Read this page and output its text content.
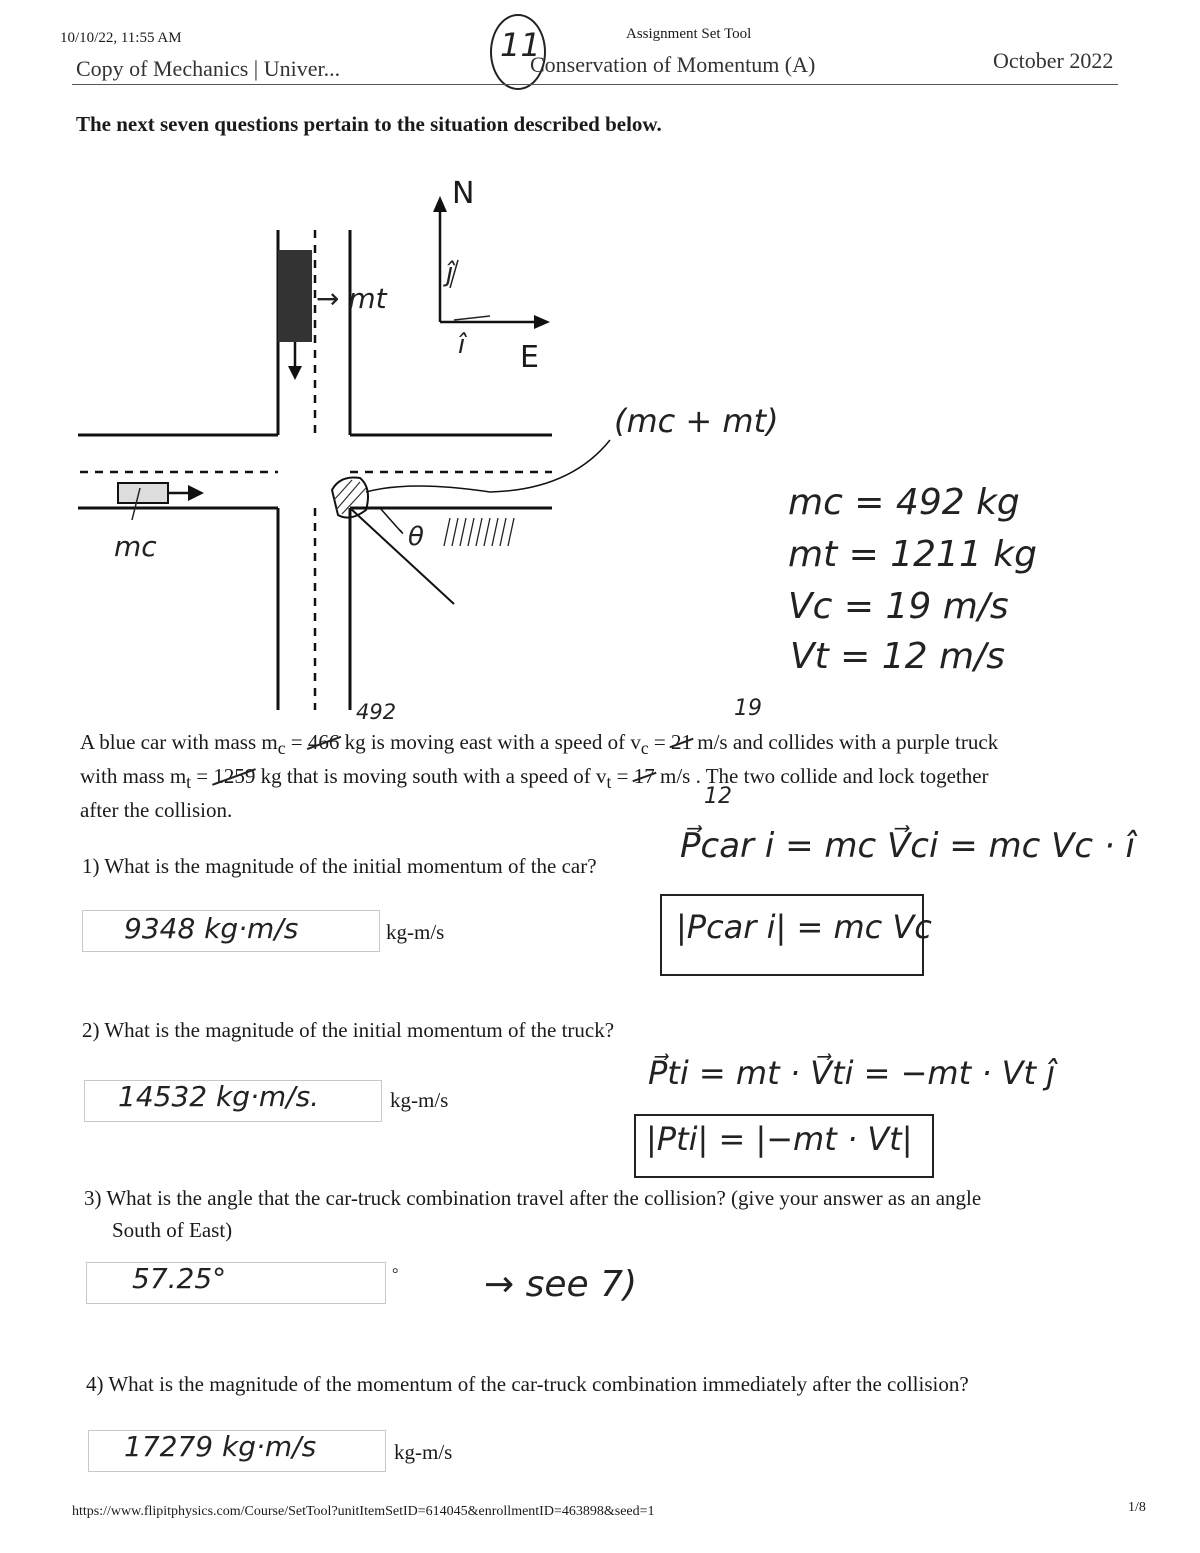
10/10/22, 11:55 AM	Assignment Set Tool
Copy of Mechanics | Univer...
11
Conservation of Momentum (A)	October 2022
The next seven questions pertain to the situation described below.
N
E
ĵ
î
→ mt
mc
(mc + mt)
θ
mc = 492 kg
mt = 1211 kg
Vc = 19 m/s
Vt = 12 m/s
492	19
12
A blue car with mass $m_c = 466$ kg is moving east with a speed of $v_c = 21$ m/s and collides with a purple truck
with mass $m_t = 1259$ kg that is moving south with a speed of $v_t = 17$ m/s . The two collide and lock together
after the collision.
1) What is the magnitude of the initial momentum of the car? P⃗car i = mc V⃗ci = mc Vc · î
9348 kg·m/s	kg-m/s	|Pcar i| = mc Vc
2) What is the magnitude of the initial momentum of the truck?
P⃗ti = mt · V⃗ti = −mt · Vt ĵ
14532 kg·m/s.	kg-m/s
|Pti| = |−mt · Vt|
3) What is the angle that the car-truck combination travel after the collision? (give your answer as an angle
South of East)
57.25°	° → see 7)
4) What is the magnitude of the momentum of the car-truck combination immediately after the collision?
17279 kg·m/s	kg-m/s
https://www.flipitphysics.com/Course/SetTool?unitItemSetID=614045&enrollmentID=463898&seed=1	1/8
